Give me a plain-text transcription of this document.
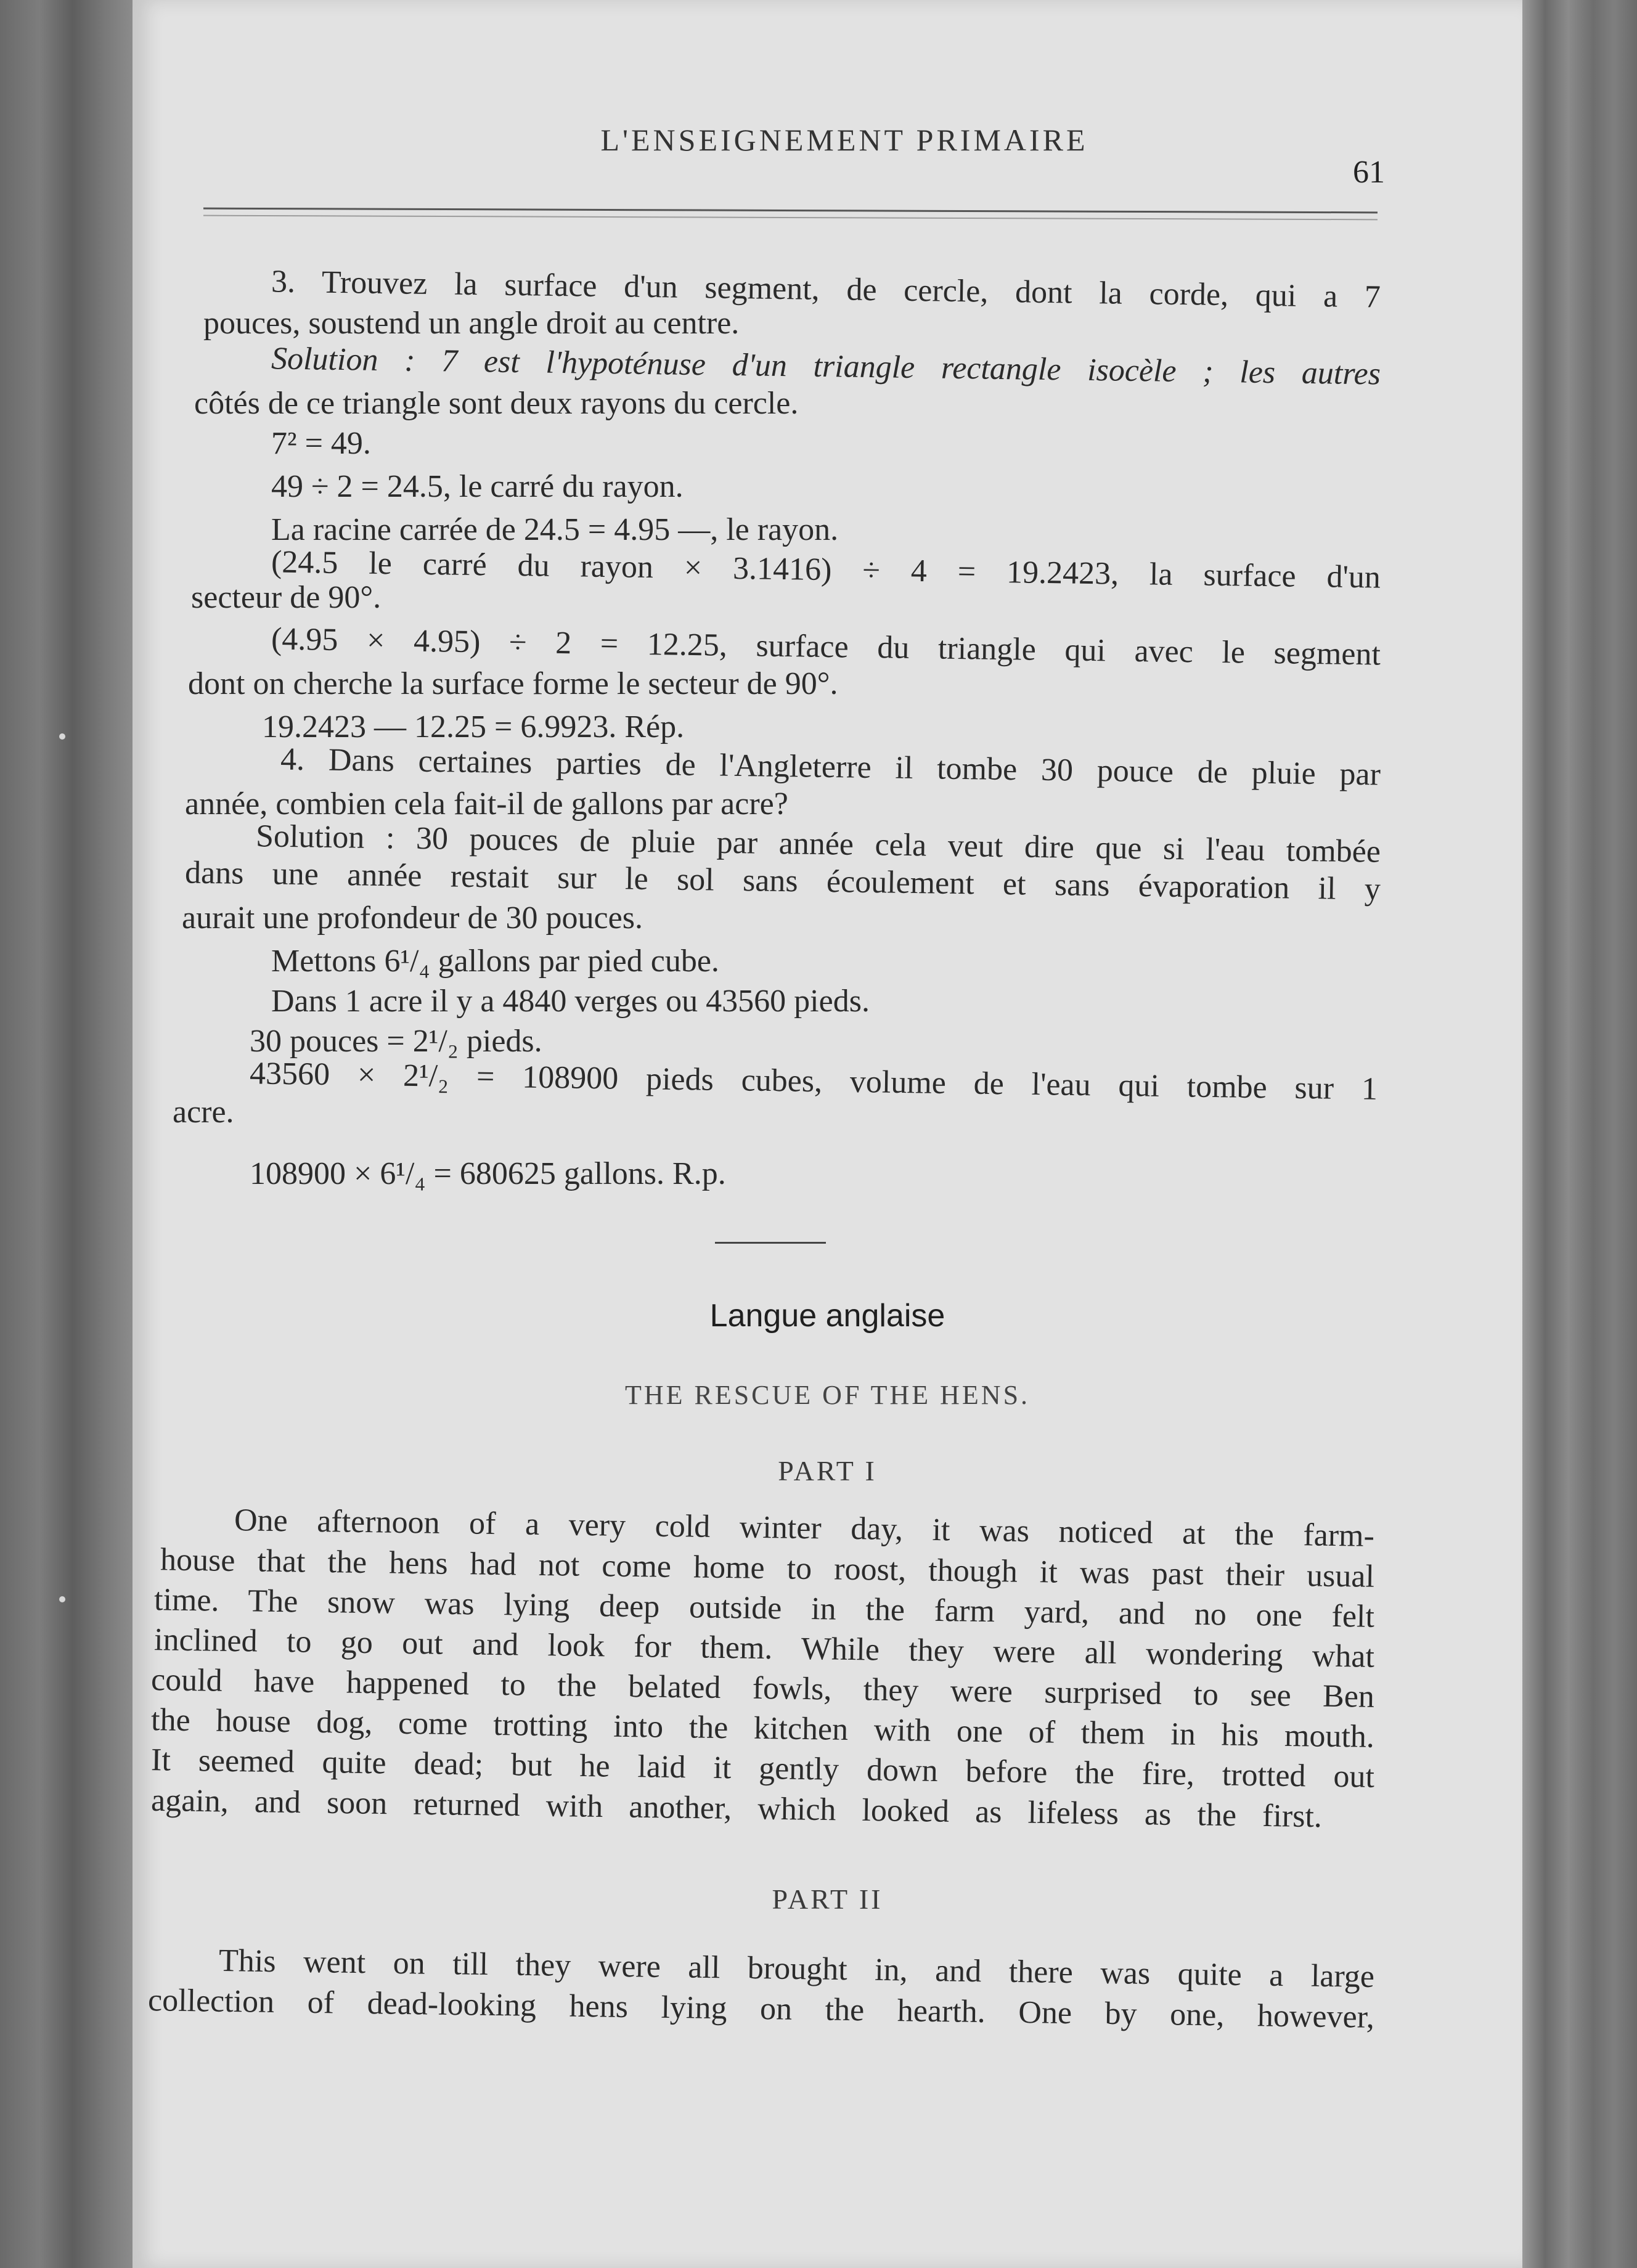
L'ENSEIGNEMENT PRIMAIRE
61
3. Trouvez la surface d'un segment, de cercle, dont la corde, qui a 7
pouces, soustend un angle droit au centre.
Solution : 7 est l'hypoténuse d'un triangle rectangle isocèle ; les autres
côtés de ce triangle sont deux rayons du cercle.
7² = 49.
49 ÷ 2 = 24.5, le carré du rayon.
La racine carrée de 24.5 = 4.95 —, le rayon.
(24.5 le carré du rayon × 3.1416) ÷ 4 = 19.2423, la surface d'un
secteur de 90°.
(4.95 × 4.95) ÷ 2 = 12.25, surface du triangle qui avec le segment
dont on cherche la surface forme le secteur de 90°.
19.2423 — 12.25 = 6.9923. Rép.
4. Dans certaines parties de l'Angleterre il tombe 30 pouce de pluie par
année, combien cela fait-il de gallons par acre?
Solution : 30 pouces de pluie par année cela veut dire que si l'eau tombée
dans une année restait sur le sol sans écoulement et sans évaporation il y
aurait une profondeur de 30 pouces.
Mettons 6¹/₄ gallons par pied cube.
Dans 1 acre il y a 4840 verges ou 43560 pieds.
30 pouces = 2¹/₂ pieds.
43560 × 2¹/₂ = 108900 pieds cubes, volume de l'eau qui tombe sur 1
acre.
108900 × 6¹/₄ = 680625 gallons. R.p.
Langue anglaise
THE RESCUE OF THE HENS.
PART I
One afternoon of a very cold winter day, it was noticed at the farm-
house that the hens had not come home to roost, though it was past their usual
time. The snow was lying deep outside in the farm yard, and no one felt
inclined to go out and look for them. While they were all wondering what
could have happened to the belated fowls, they were surprised to see Ben
the house dog, come trotting into the kitchen with one of them in his mouth.
It seemed quite dead; but he laid it gently down before the fire, trotted out
again, and soon returned with another, which looked as lifeless as the first.
PART II
This went on till they were all brought in, and there was quite a large
collection of dead-looking hens lying on the hearth. One by one, however,
